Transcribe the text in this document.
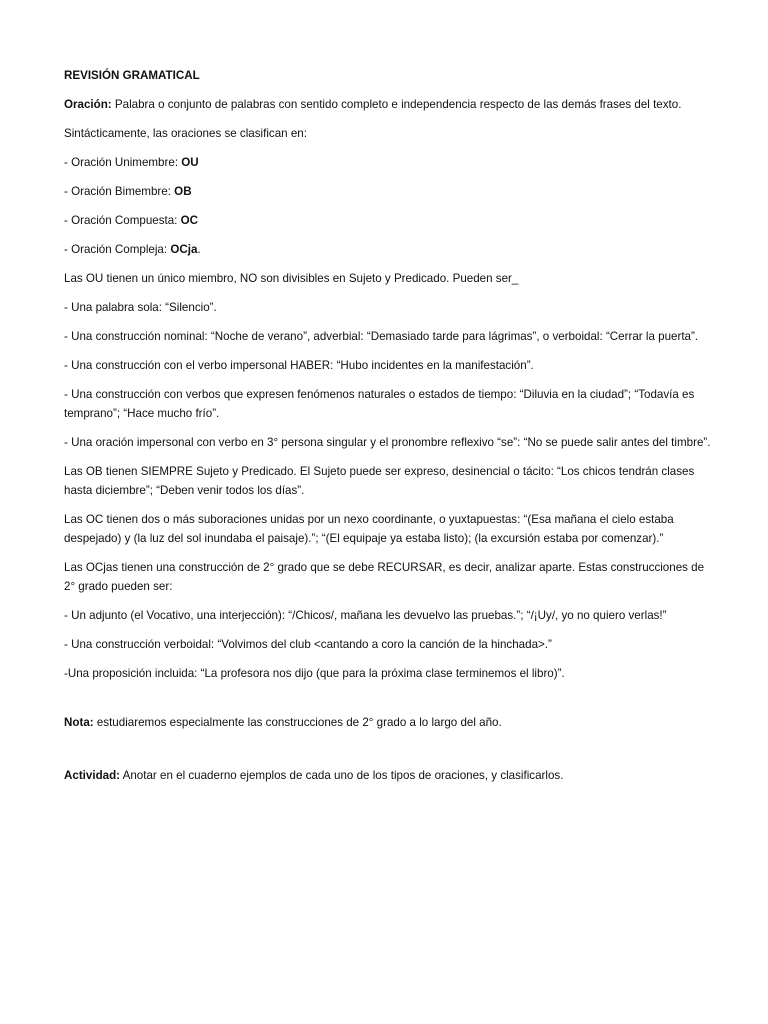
REVISIÓN GRAMATICAL

Oración: Palabra o conjunto de palabras con sentido completo e independencia respecto de las demás frases del texto.

Sintácticamente, las oraciones se clasifican en:

- Oración Unimembre: OU

- Oración Bimembre: OB

- Oración Compuesta: OC

- Oración Compleja: OCja.

Las OU tienen un único miembro, NO son divisibles en Sujeto y Predicado. Pueden ser_

- Una palabra sola: “Silencio”.

- Una construcción nominal: “Noche de verano”, adverbial: “Demasiado tarde para lágrimas”, o verboidal: “Cerrar la puerta”.

- Una construcción con el verbo impersonal HABER: “Hubo incidentes en la manifestación”.

- Una construcción con verbos que expresen fenómenos naturales o estados de tiempo: “Diluvia en la ciudad”; “Todavía es temprano”; “Hace mucho frío”.

- Una oración impersonal con verbo en 3° persona singular y el pronombre reflexivo “se”: “No se puede salir antes del timbre”.

Las OB tienen SIEMPRE Sujeto y Predicado. El Sujeto puede ser expreso, desinencial o tácito: “Los chicos tendrán clases hasta diciembre”; “Deben venir todos los días”.

Las OC tienen dos o más suboraciones unidas por un nexo coordinante, o yuxtapuestas: “(Esa mañana el cielo estaba despejado) y (la luz del sol inundaba el paisaje).”; “(El equipaje ya estaba listo); (la excursión estaba por comenzar).”

Las OCjas tienen una construcción de 2° grado que se debe RECURSAR, es decir, analizar aparte. Estas construcciones de 2° grado pueden ser:

- Un adjunto (el Vocativo, una interjección): “/Chicos/, mañana les devuelvo las pruebas.”; “/¡Uy/, yo no quiero verlas!”

- Una construcción verboidal: “Volvimos del club <cantando a coro la canción de la hinchada>.”

-Una proposición incluida: “La profesora nos dijo (que para la próxima clase terminemos el libro)”.

Nota: estudiaremos especialmente las construcciones de 2° grado a lo largo del año.

Actividad: Anotar en el cuaderno ejemplos de cada uno de los tipos de oraciones, y clasificarlos.
